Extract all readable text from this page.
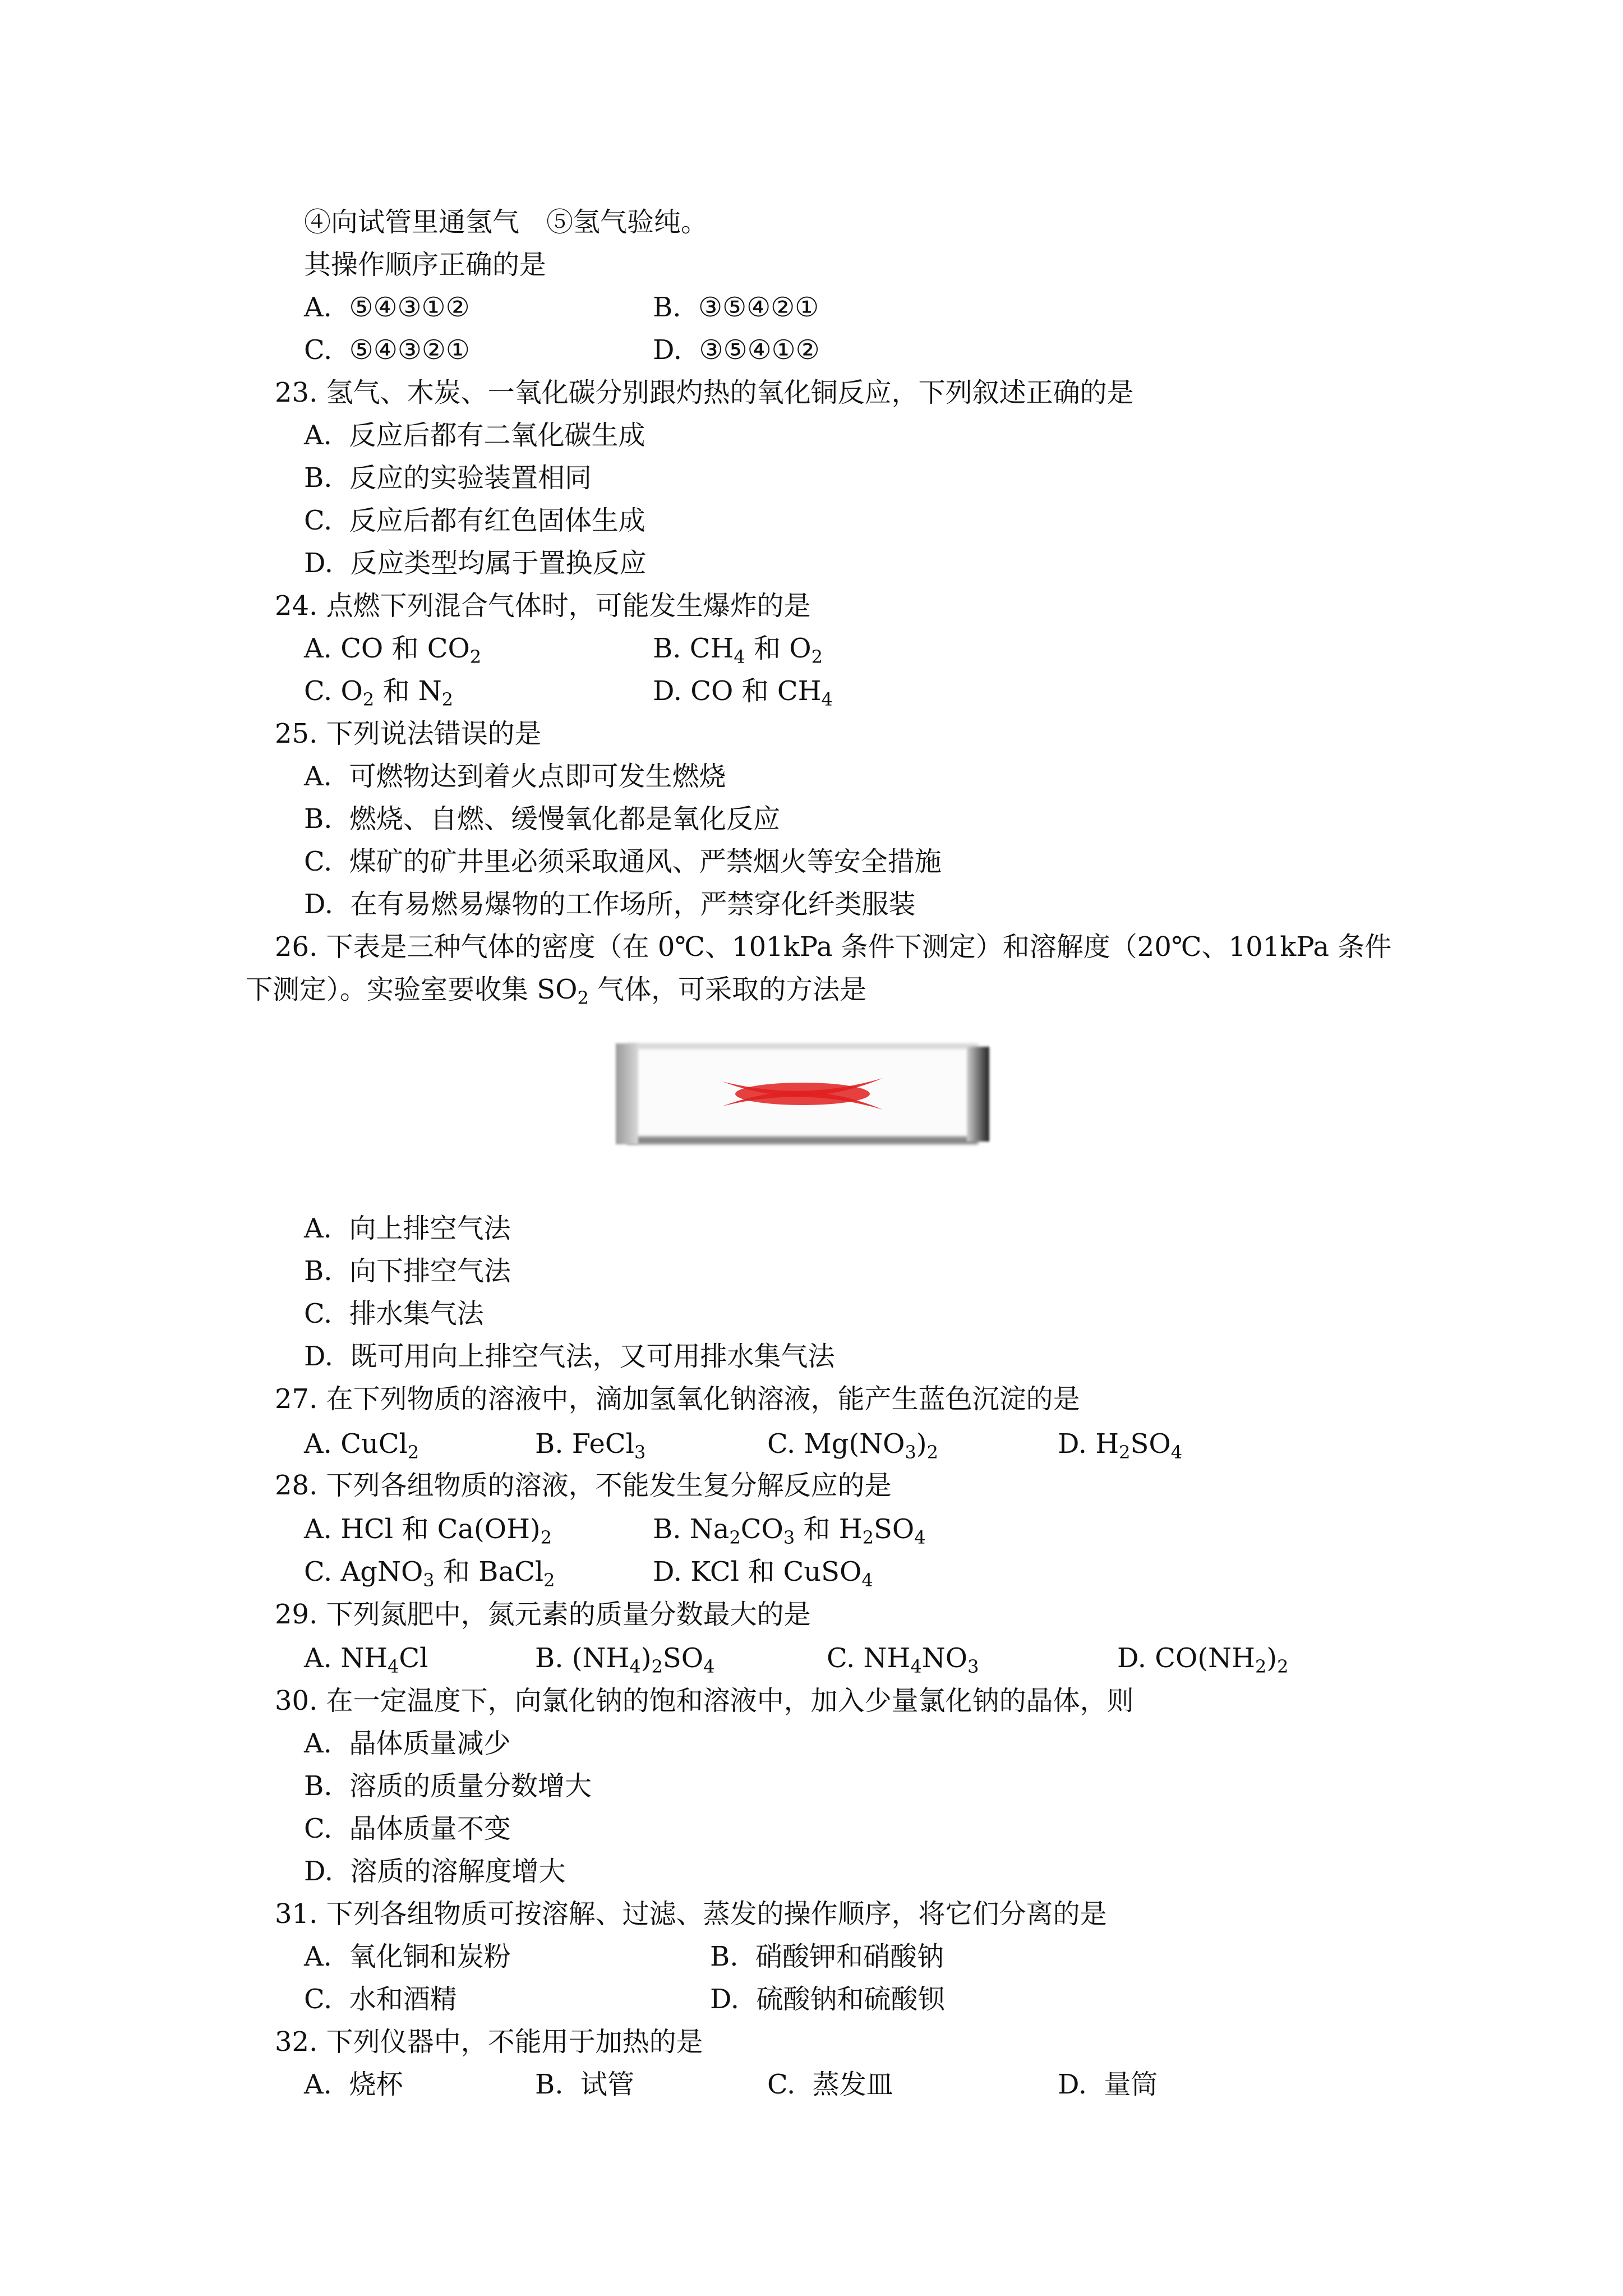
④向试管里通氢气　⑤氢气验纯。
其操作顺序正确的是
A. ⑤④③①②	B. ③⑤④②①
C. ⑤④③②①	D. ③⑤④①②
23. 氢气、木炭、一氧化碳分别跟灼热的氧化铜反应，下列叙述正确的是
A. 反应后都有二氧化碳生成
B. 反应的实验装置相同
C. 反应后都有红色固体生成
D. 反应类型均属于置换反应
24. 点燃下列混合气体时，可能发生爆炸的是
A. CO 和 $CO_2$	B. $CH_4$ 和 $O_2$
C. $O_2$ 和 $N_2$	D. CO 和 $CH_4$
25. 下列说法错误的是
A. 可燃物达到着火点即可发生燃烧
B. 燃烧、自燃、缓慢氧化都是氧化反应
C. 煤矿的矿井里必须采取通风、严禁烟火等安全措施
D. 在有易燃易爆物的工作场所，严禁穿化纤类服装
26. 下表是三种气体的密度（在 0℃、101kPa 条件下测定）和溶解度（20℃、101kPa 条件
下测定）。实验室要收集 $SO_2$ 气体，可采取的方法是
A. 向上排空气法
B. 向下排空气法
C. 排水集气法
D. 既可用向上排空气法，又可用排水集气法
27. 在下列物质的溶液中，滴加氢氧化钠溶液，能产生蓝色沉淀的是
A. CuCl$_2$	B. FeCl$_3$	C. $Mg(NO_3)_2$	D. $H_2SO_4$
28. 下列各组物质的溶液，不能发生复分解反应的是
A. HCl 和 $Ca(OH)_2$	B. $Na_2CO_3$ 和 $H_2SO_4$
C. AgNO$_3$ 和 BaCl$_2$	D. KCl 和 CuSO$_4$
29. 下列氮肥中，氮元素的质量分数最大的是
A. $NH_4Cl$	B. $(NH_4)_2SO_4$	C. $NH_4NO_3$	D. $CO(NH_2)_2$
30. 在一定温度下，向氯化钠的饱和溶液中，加入少量氯化钠的晶体，则
A. 晶体质量减少
B. 溶质的质量分数增大
C. 晶体质量不变
D. 溶质的溶解度增大
31. 下列各组物质可按溶解、过滤、蒸发的操作顺序，将它们分离的是
A. 氧化铜和炭粉	B. 硝酸钾和硝酸钠
C. 水和酒精	D. 硫酸钠和硫酸钡
32. 下列仪器中，不能用于加热的是
A. 烧杯	B. 试管	C. 蒸发皿	D. 量筒
